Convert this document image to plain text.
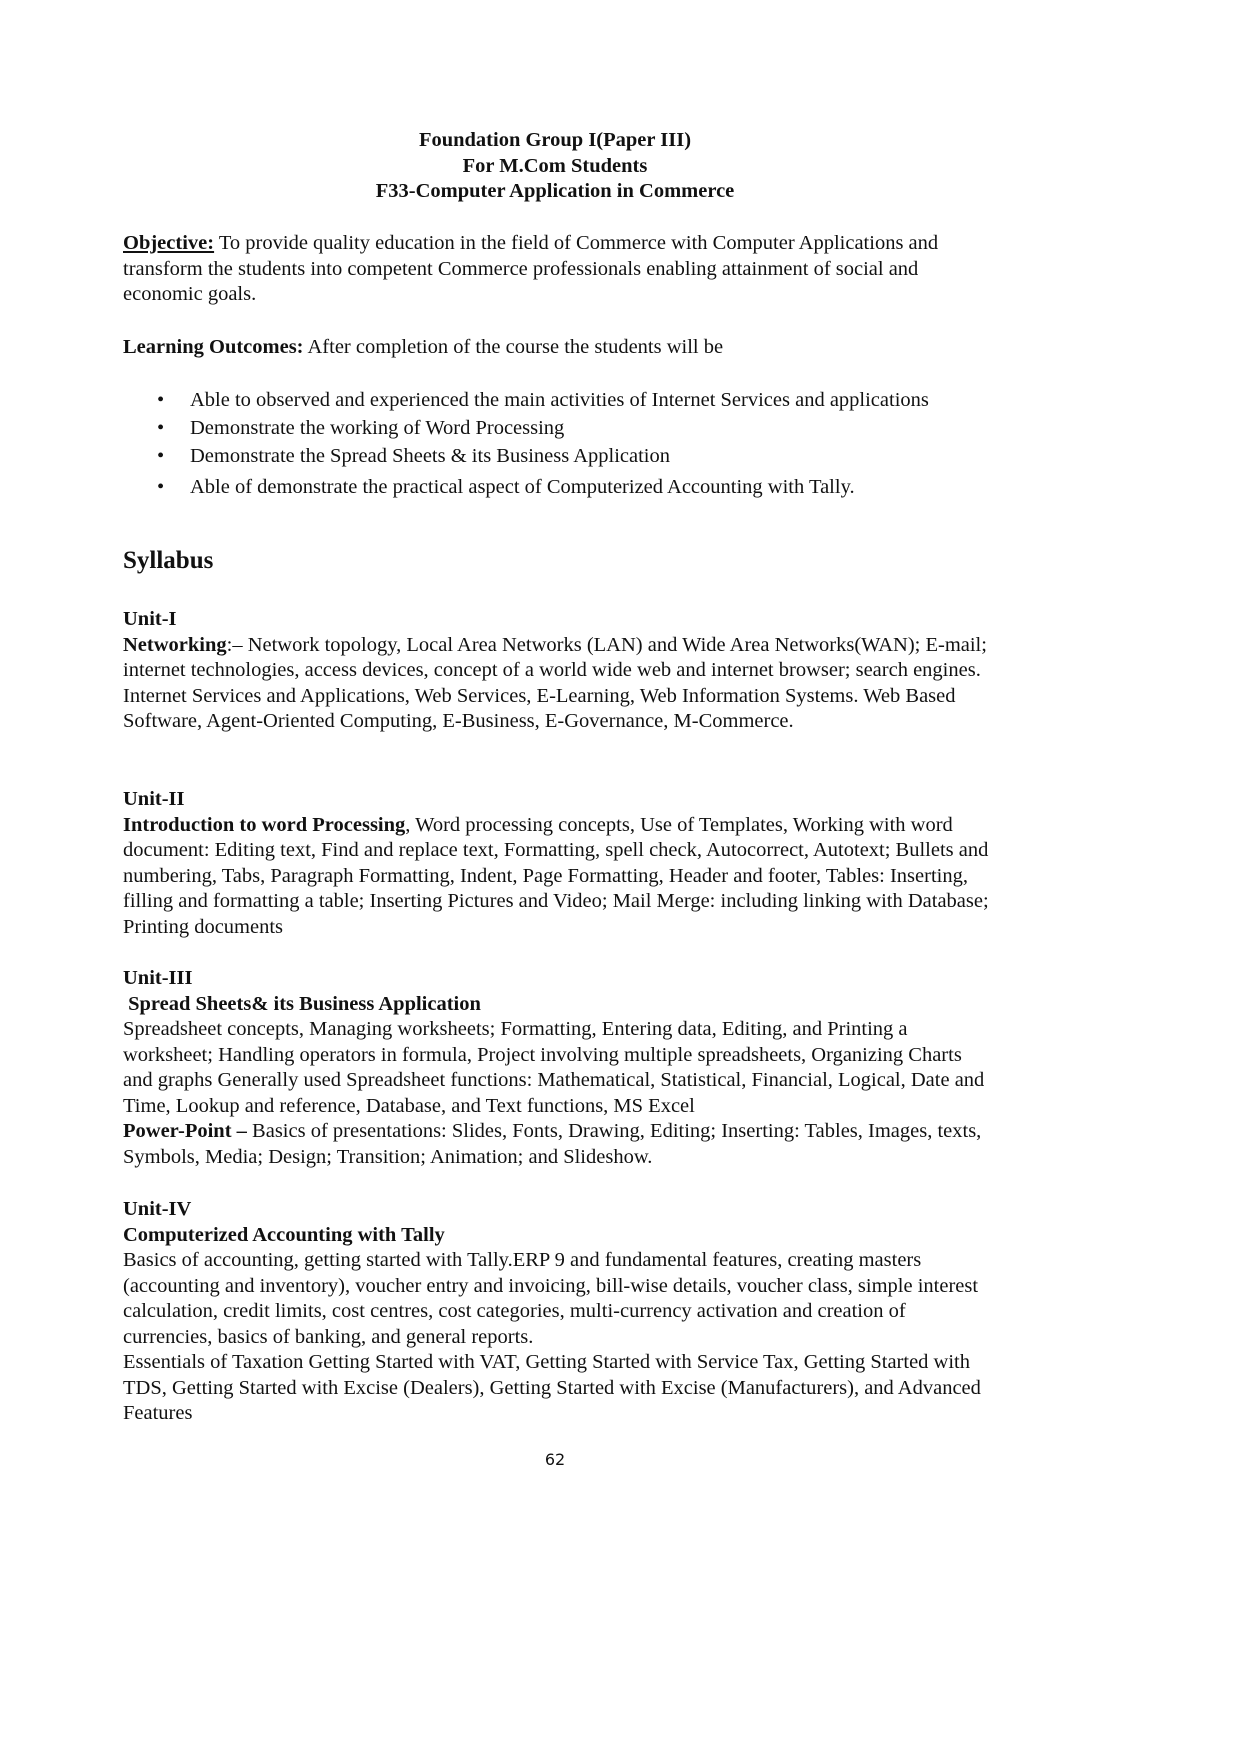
Foundation Group I(Paper III)
For M.Com Students
F33-Computer Application in Commerce
Objective: To provide quality education in the field of Commerce with Computer Applications and transform the students into competent Commerce professionals enabling attainment of social and economic goals.
Learning Outcomes: After completion of the course the students will be
• Able to observed and experienced the main activities of Internet Services and applications
• Demonstrate the working of Word Processing
• Demonstrate the Spread Sheets & its Business Application
• Able of demonstrate the practical aspect of Computerized Accounting with Tally.
Syllabus
Unit-I
Networking:– Network topology, Local Area Networks (LAN) and Wide Area Networks(WAN); E-mail; internet technologies, access devices, concept of a world wide web and internet browser; search engines.
Internet Services and Applications, Web Services, E-Learning, Web Information Systems. Web Based Software, Agent-Oriented Computing, E-Business, E-Governance, M-Commerce.
Unit-II
Introduction to word Processing, Word processing concepts, Use of Templates, Working with word document: Editing text, Find and replace text, Formatting, spell check, Autocorrect, Autotext; Bullets and numbering, Tabs, Paragraph Formatting, Indent, Page Formatting, Header and footer, Tables: Inserting, filling and formatting a table; Inserting Pictures and Video; Mail Merge: including linking with Database; Printing documents
Unit-III
Spread Sheets& its Business Application
Spreadsheet concepts, Managing worksheets; Formatting, Entering data, Editing, and Printing a worksheet; Handling operators in formula, Project involving multiple spreadsheets, Organizing Charts and graphs Generally used Spreadsheet functions: Mathematical, Statistical, Financial, Logical, Date and Time, Lookup and reference, Database, and Text functions, MS Excel
Power-Point – Basics of presentations: Slides, Fonts, Drawing, Editing; Inserting: Tables, Images, texts, Symbols, Media; Design; Transition; Animation; and Slideshow.
Unit-IV
Computerized Accounting with Tally
Basics of accounting, getting started with Tally.ERP 9 and fundamental features, creating masters (accounting and inventory), voucher entry and invoicing, bill-wise details, voucher class, simple interest calculation, credit limits, cost centres, cost categories, multi-currency activation and creation of currencies, basics of banking, and general reports.
Essentials of Taxation Getting Started with VAT, Getting Started with Service Tax, Getting Started with TDS, Getting Started with Excise (Dealers), Getting Started with Excise (Manufacturers), and Advanced Features
62
